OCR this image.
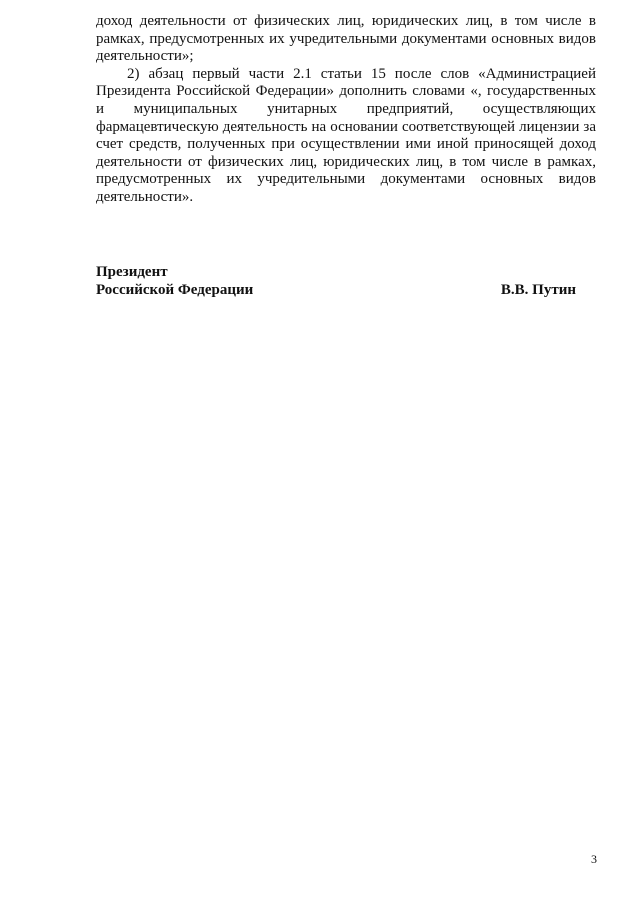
доход деятельности от физических лиц, юридических лиц, в том числе в рамках, предусмотренных их учредительными документами основных видов деятельности»;

2) абзац первый части 2.1 статьи 15 после слов «Администрацией Президента Российской Федерации» дополнить словами «, государственных и муниципальных унитарных предприятий, осуществляющих фармацевтическую деятельность на основании соответствующей лицензии за счет средств, полученных при осуществлении ими иной приносящей доход деятельности от физических лиц, юридических лиц, в том числе в рамках, предусмотренных их учредительными документами основных видов деятельности».

Президент
Российской Федерации	В.В. Путин
3
